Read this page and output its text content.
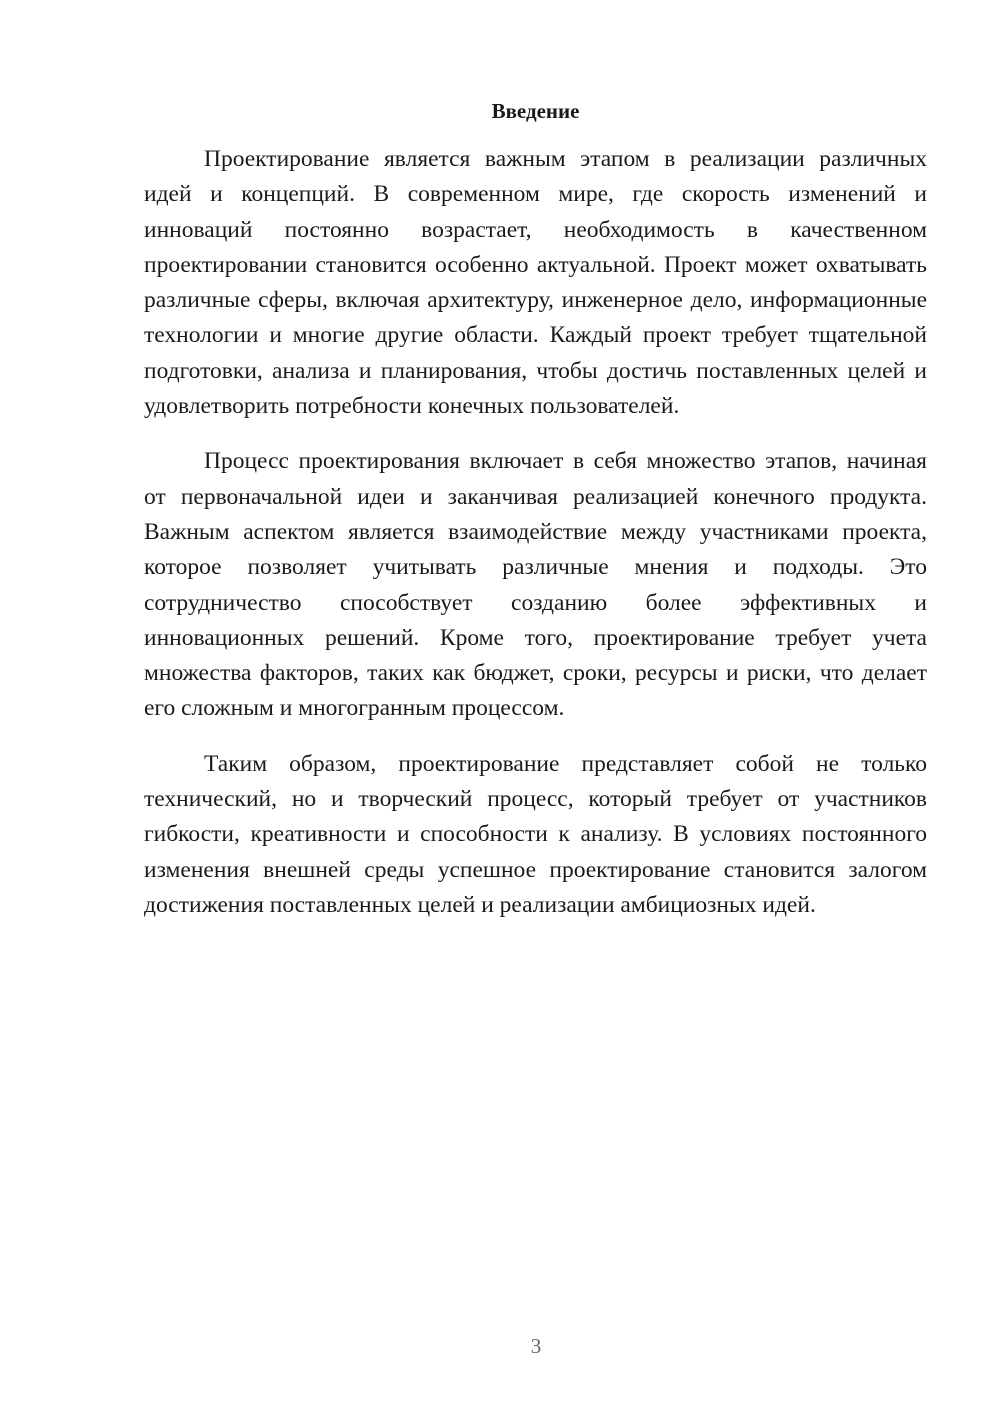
Введение

Проектирование является важным этапом в реализации различных идей и концепций. В современном мире, где скорость изменений и инноваций постоянно возрастает, необходимость в качественном проектировании становится особенно актуальной. Проект может охватывать различные сферы, включая архитектуру, инженерное дело, информационные технологии и многие другие области. Каждый проект требует тщательной подготовки, анализа и планирования, чтобы достичь поставленных целей и удовлетворить потребности конечных пользователей.

Процесс проектирования включает в себя множество этапов, начиная от первоначальной идеи и заканчивая реализацией конечного продукта. Важным аспектом является взаимодействие между участниками проекта, которое позволяет учитывать различные мнения и подходы. Это сотрудничество способствует созданию более эффективных и инновационных решений. Кроме того, проектирование требует учета множества факторов, таких как бюджет, сроки, ресурсы и риски, что делает его сложным и многогранным процессом.

Таким образом, проектирование представляет собой не только технический, но и творческий процесс, который требует от участников гибкости, креативности и способности к анализу. В условиях постоянного изменения внешней среды успешное проектирование становится залогом достижения поставленных целей и реализации амбициозных идей.

3
